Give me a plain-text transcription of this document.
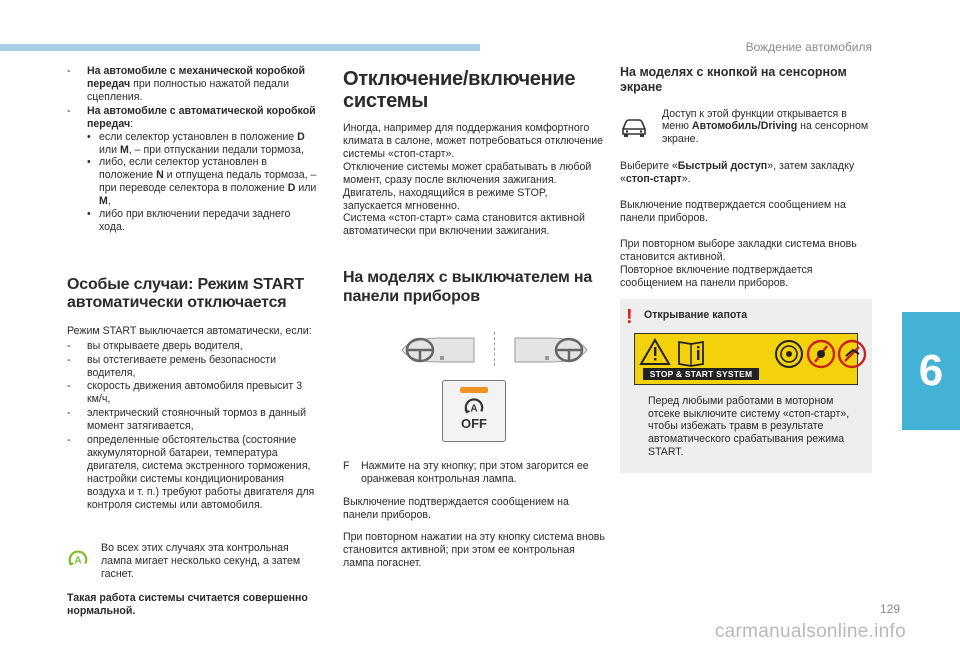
Вождение автомобиля
6
129
- На автомобиле с механической коробкой передач при полностью нажатой педали сцепления.
- На автомобиле с автоматической коробкой передач:
• если селектор установлен в положение D или M, – при отпускании педали тормоза,
• либо, если селектор установлен в положение N и отпущена педаль тормоза, – при переводе селектора в положение D или M,
• либо при включении передачи заднего хода.
Особые случаи: Режим START автоматически отключается

Режим START выключается автоматически, если:

- вы открываете дверь водителя,
- вы отстегиваете ремень безопасности водителя,
- скорость движения автомобиля превысит 3 км/ч,
- электрический стояночный тормоз в данный момент затягивается,
- определенные обстоятельства (состояние аккумуляторной батареи, температура двигателя, система экстренного торможения, настройки системы кондиционирования воздуха и т. п.) требуют работы двигателя для контроля системы или автомобиля.
A
Во всех этих случаях эта контрольная лампа мигает несколько секунд, а затем гаснет.

Такая работа системы считается совершенно нормальной.

Отключение/включение системы

Иногда, например для поддержания комфортного климата в салоне, может потребоваться отключение системы «стоп-старт».

Отключение системы может срабатывать в любой момент, сразу после включения зажигания.

Двигатель, находящийся в режиме STOP, запускается мгновенно.

Система «стоп-старт» сама становится активной автоматически при включении зажигания.

На моделях с выключателем на панели приборов
A
OFF
F	Нажмите на эту кнопку; при этом загорится ее оранжевая контрольная лампа.

Выключение подтверждается сообщением на панели приборов.

При повторном нажатии на эту кнопку система вновь становится активной; при этом ее контрольная лампа погаснет.

На моделях с кнопкой на сенсорном экране
Доступ к этой функции открывается в меню Автомобиль/Driving на сенсорном экране.

Выберите «Быстрый доступ», затем закладку «стоп-старт».

Выключение подтверждается сообщением на панели приборов.

При повторном выборе закладки система вновь становится активной.

Повторное включение подтверждается сообщением на панели приборов.

! Открывание капота
STOP & START SYSTEM
Перед любыми работами в моторном отсеке выключите систему «стоп-старт», чтобы избежать травм в результате автоматического срабатывания режима START.
carmanualsonline.info
